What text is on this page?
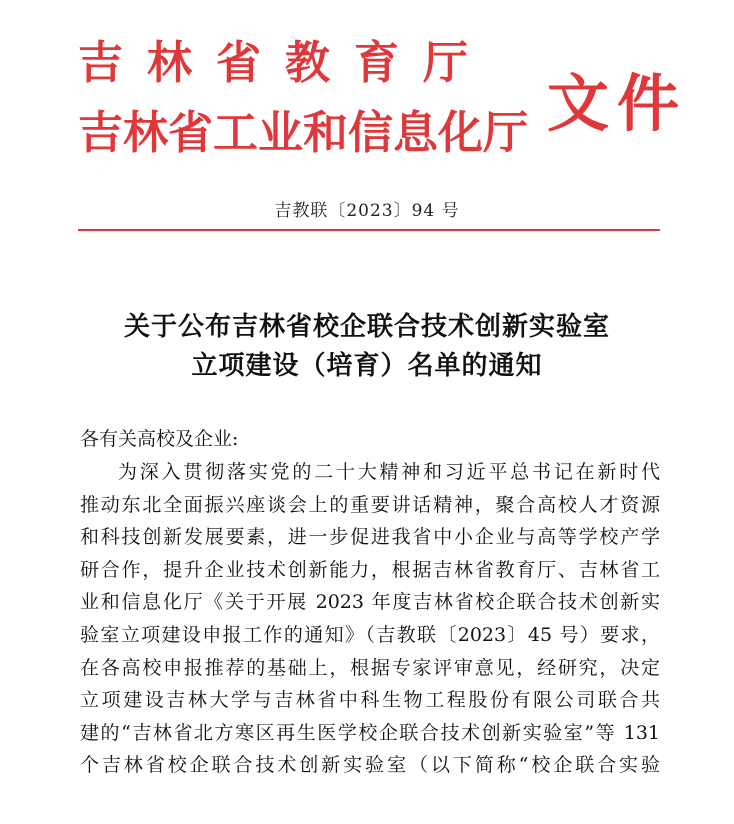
吉林省教育厅
吉林省工业和信息化厅 文件
吉教联〔2023〕94 号
关于公布吉林省校企联合技术创新实验室
立项建设（培育）名单的通知
各有关高校及企业:
为深入贯彻落实党的二十大精神和习近平总书记在新时代
推动东北全面振兴座谈会上的重要讲话精神，聚合高校人才资源
和科技创新发展要素，进一步促进我省中小企业与高等学校产学
研合作，提升企业技术创新能力，根据吉林省教育厅、吉林省工
业和信息化厅《关于开展 2023 年度吉林省校企联合技术创新实
验室立项建设申报工作的通知》（吉教联〔2023〕45 号）要求，
在各高校申报推荐的基础上，根据专家评审意见，经研究，决定
立项建设吉林大学与吉林省中科生物工程股份有限公司联合共
建的“吉林省北方寒区再生医学校企联合技术创新实验室”等 131
个吉林省校企联合技术创新实验室（以下简称“校企联合实验
